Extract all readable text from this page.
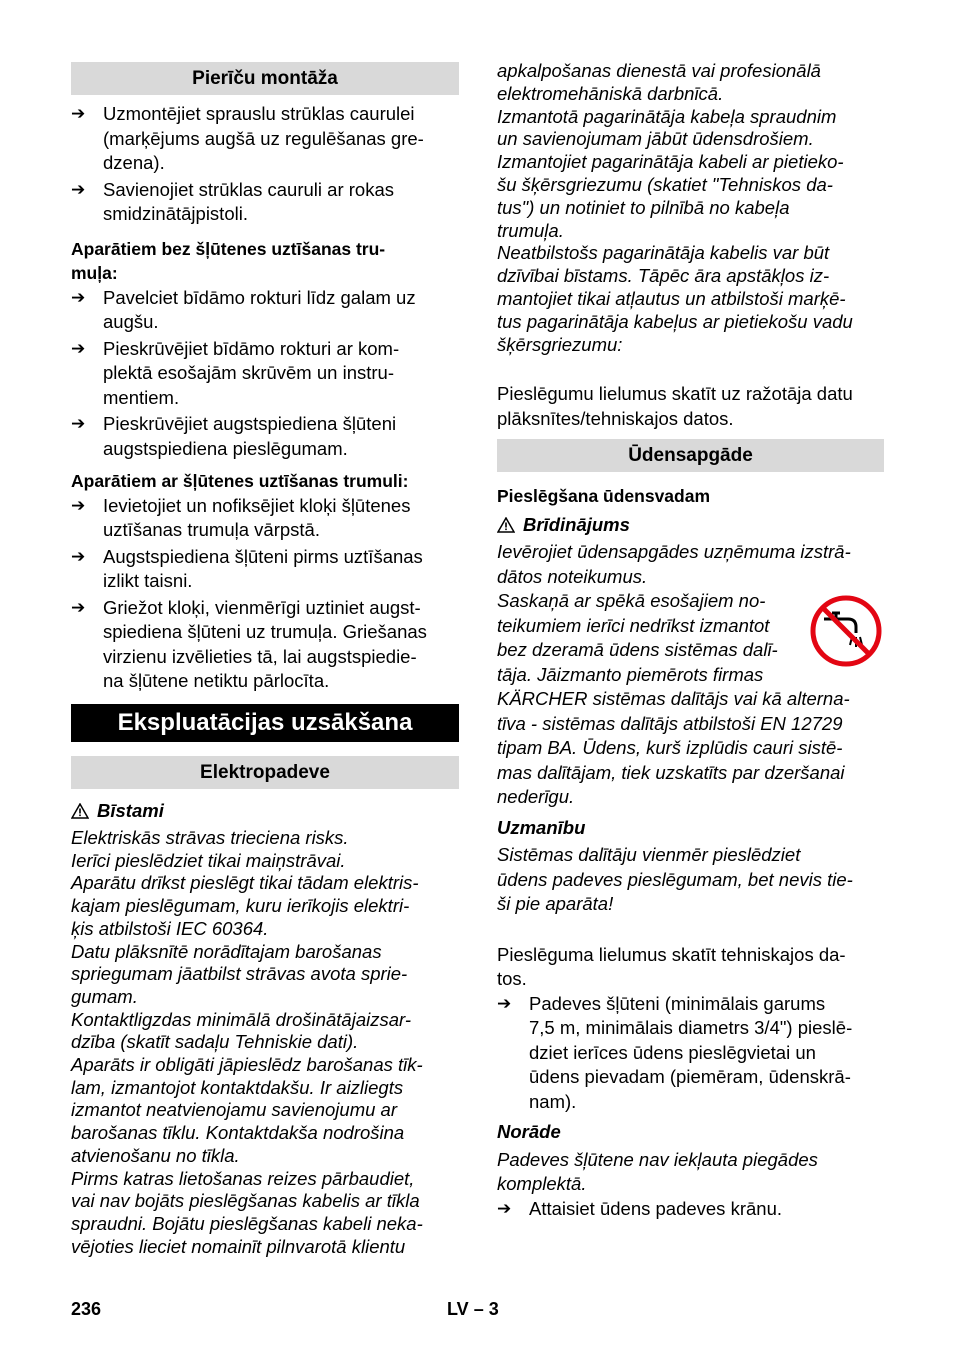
236	LV – 3
Pierīču montāža
➔ Uzmontējiet sprauslu strūklas caurulei
(marķējums augšā uz regulēšanas gre-
dzena).
➔ Savienojiet strūklas cauruli ar rokas
smidzinātājpistoli.
Aparātiem bez šļūtenes uztīšanas tru-
muļa:
➔ Pavelciet bīdāmo rokturi līdz galam uz
augšu.
➔ Pieskrūvējiet bīdāmo rokturi ar kom-
plektā esošajām skrūvēm un instru-
mentiem.
➔ Pieskrūvējiet augstspiediena šļūteni
augstspiediena pieslēgumam.
Aparātiem ar šļūtenes uztīšanas trumuli:
➔ Ievietojiet un nofiksējiet kloķi šļūtenes
uztīšanas trumuļa vārpstā.
➔ Augstspiediena šļūteni pirms uztīšanas
izlikt taisni.
➔ Griežot kloķi, vienmērīgi uztiniet augst-
spiediena šļūteni uz trumuļa. Griešanas
virzienu izvēlieties tā, lai augstspiedie-
na šļūtene netiktu pārlocīta.
Ekspluatācijas uzsākšana
Elektropadeve
Bīstami
Elektriskās strāvas trieciena risks.
Ierīci pieslēdziet tikai maiņstrāvai.
Aparātu drīkst pieslēgt tikai tādam elektris-
kajam pieslēgumam, kuru ierīkojis elektri-
ķis atbilstoši IEC 60364.
Datu plāksnītē norādītajam barošanas
spriegumam jāatbilst strāvas avota sprie-
gumam.
Kontaktligzdas minimālā drošinātājaizsar-
dzība (skatīt sadaļu Tehniskie dati).
Aparāts ir obligāti jāpieslēdz barošanas tīk-
lam, izmantojot kontaktdakšu. Ir aizliegts
izmantot neatvienojamu savienojumu ar
barošanas tīklu. Kontaktdakša nodrošina
atvienošanu no tīkla.
Pirms katras lietošanas reizes pārbaudiet,
vai nav bojāts pieslēgšanas kabelis ar tīkla
spraudni. Bojātu pieslēgšanas kabeli neka-
vējoties lieciet nomainīt pilnvarotā klientu
apkalpošanas dienestā vai profesionālā
elektromehāniskā darbnīcā.
Izmantotā pagarinātāja kabeļa spraudnim
un savienojumam jābūt ūdensdrošiem.
Izmantojiet pagarinātāja kabeli ar pietieko-
šu šķērsgriezumu (skatiet "Tehniskos da-
tus") un notiniet to pilnībā no kabeļa
trumuļa.
Neatbilstošs pagarinātāja kabelis var būt
dzīvībai bīstams. Tāpēc āra apstākļos iz-
mantojiet tikai atļautus un atbilstoši marķē-
tus pagarinātāja kabeļus ar pietiekošu vadu
šķērsgriezumu:
Pieslēgumu lielumus skatīt uz ražotāja datu
plāksnītes/tehniskajos datos.
Ūdensapgāde
Pieslēgšana ūdensvadam
Brīdinājums
Ievērojiet ūdensapgādes uzņēmuma izstrā-
dātos noteikumus.
Saskaņā ar spēkā esošajiem no-
teikumiem ierīci nedrīkst izmantot
bez dzeramā ūdens sistēmas dalī-
tāja. Jāizmanto piemērots firmas
KÄRCHER sistēmas dalītājs vai kā alterna-
tīva - sistēmas dalītājs atbilstoši EN 12729
tipam BA. Ūdens, kurš izplūdis cauri sistē-
mas dalītājam, tiek uzskatīts par dzeršanai
nederīgu.
Uzmanību
Sistēmas dalītāju vienmēr pieslēdziet
ūdens padeves pieslēgumam, bet nevis tie-
ši pie aparāta!
Pieslēguma lielumus skatīt tehniskajos da-
tos.
➔ Padeves šļūteni (minimālais garums
7,5 m, minimālais diametrs 3/4") pieslē-
dziet ierīces ūdens pieslēgvietai un
ūdens pievadam (piemēram, ūdenskrā-
nam).
Norāde
Padeves šļūtene nav iekļauta piegādes
komplektā.
➔ Attaisiet ūdens padeves krānu.
